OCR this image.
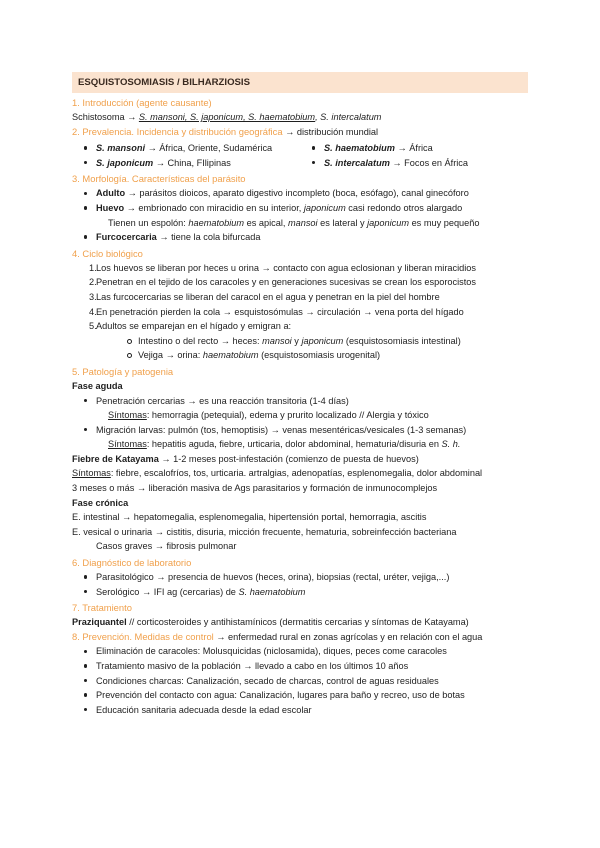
ESQUISTOSOMIASIS / BILHARZIOSIS
1. Introducción (agente causante)
Schistosoma → S. mansoni, S. japonicum, S. haematobium, S. intercalatum
2. Prevalencia. Incidencia y distribución geográfica → distribución mundial
S. mansoni → África, Oriente, Sudamérica
S. japonicum → China, FIlipinas
S. haematobium → África
S. intercalatum → Focos en África
3. Morfología. Características del parásito
Adulto → parásitos dioicos, aparato digestivo incompleto (boca, esófago), canal ginecóforo
Huevo → embrionado con miracidio en su interior, japonicum casi redondo otros alargado
Tienen un espolón: haematobium es apical, mansoi es lateral y japonicum es muy pequeño
Furcocercaria → tiene la cola bifurcada
4. Ciclo biológico
1. Los huevos se liberan por heces u orina → contacto con agua eclosionan y liberan miracidios
2. Penetran en el tejido de los caracoles y en generaciones sucesivas se crean los esporocistos
3. Las furcocercarias se liberan del caracol en el agua y penetran en la piel del hombre
4. En penetración pierden la cola → esquistosómulas → circulación → vena porta del hígado
5. Adultos se emparejan en el hígado y emigran a:
Intestino o del recto → heces: mansoi y japonicum (esquistosomiasis intestinal)
Vejiga → orina: haematobium (esquistosomiasis urogenital)
5. Patología y patogenia
Fase aguda
Penetración cercarias → es una reacción transitoria (1-4 días)
Síntomas: hemorragia (petequial), edema y prurito localizado // Alergia y tóxico
Migración larvas: pulmón (tos, hemoptisis) → venas mesentéricas/vesicales (1-3 semanas)
Síntomas: hepatitis aguda, fiebre, urticaria, dolor abdominal, hematuria/disuria en S. h.
Fiebre de Katayama → 1-2 meses post-infestación (comienzo de puesta de huevos)
Síntomas: fiebre, escalofríos, tos, urticaria. artralgias, adenopatías, esplenomegalia, dolor abdominal
3 meses o más → liberación masiva de Ags parasitarios y formación de inmunocomplejos
Fase crónica
E. intestinal → hepatomegalia, esplenomegalia, hipertensión portal, hemorragia, ascitis
E. vesical o urinaria → cistitis, disuria, micción frecuente, hematuria, sobreinfección bacteriana
Casos graves → fibrosis pulmonar
6. Diagnóstico de laboratorio
Parasitológico → presencia de huevos (heces, orina), biopsias (rectal, uréter, vejiga,...)
Serológico → IFI ag (cercarias) de S. haematobium
7. Tratamiento
Praziquantel // corticosteroides y antihistamínicos (dermatitis cercarias y síntomas de Katayama)
8. Prevención. Medidas de control → enfermedad rural en zonas agrícolas y en relación con el agua
Eliminación de caracoles: Molusquicidas (niclosamida), diques, peces come caracoles
Tratamiento masivo de la población → llevado a cabo en los últimos 10 años
Condiciones charcas: Canalización, secado de charcas, control de aguas residuales
Prevención del contacto con agua: Canalización, lugares para baño y recreo, uso de botas
Educación sanitaria adecuada desde la edad escolar
